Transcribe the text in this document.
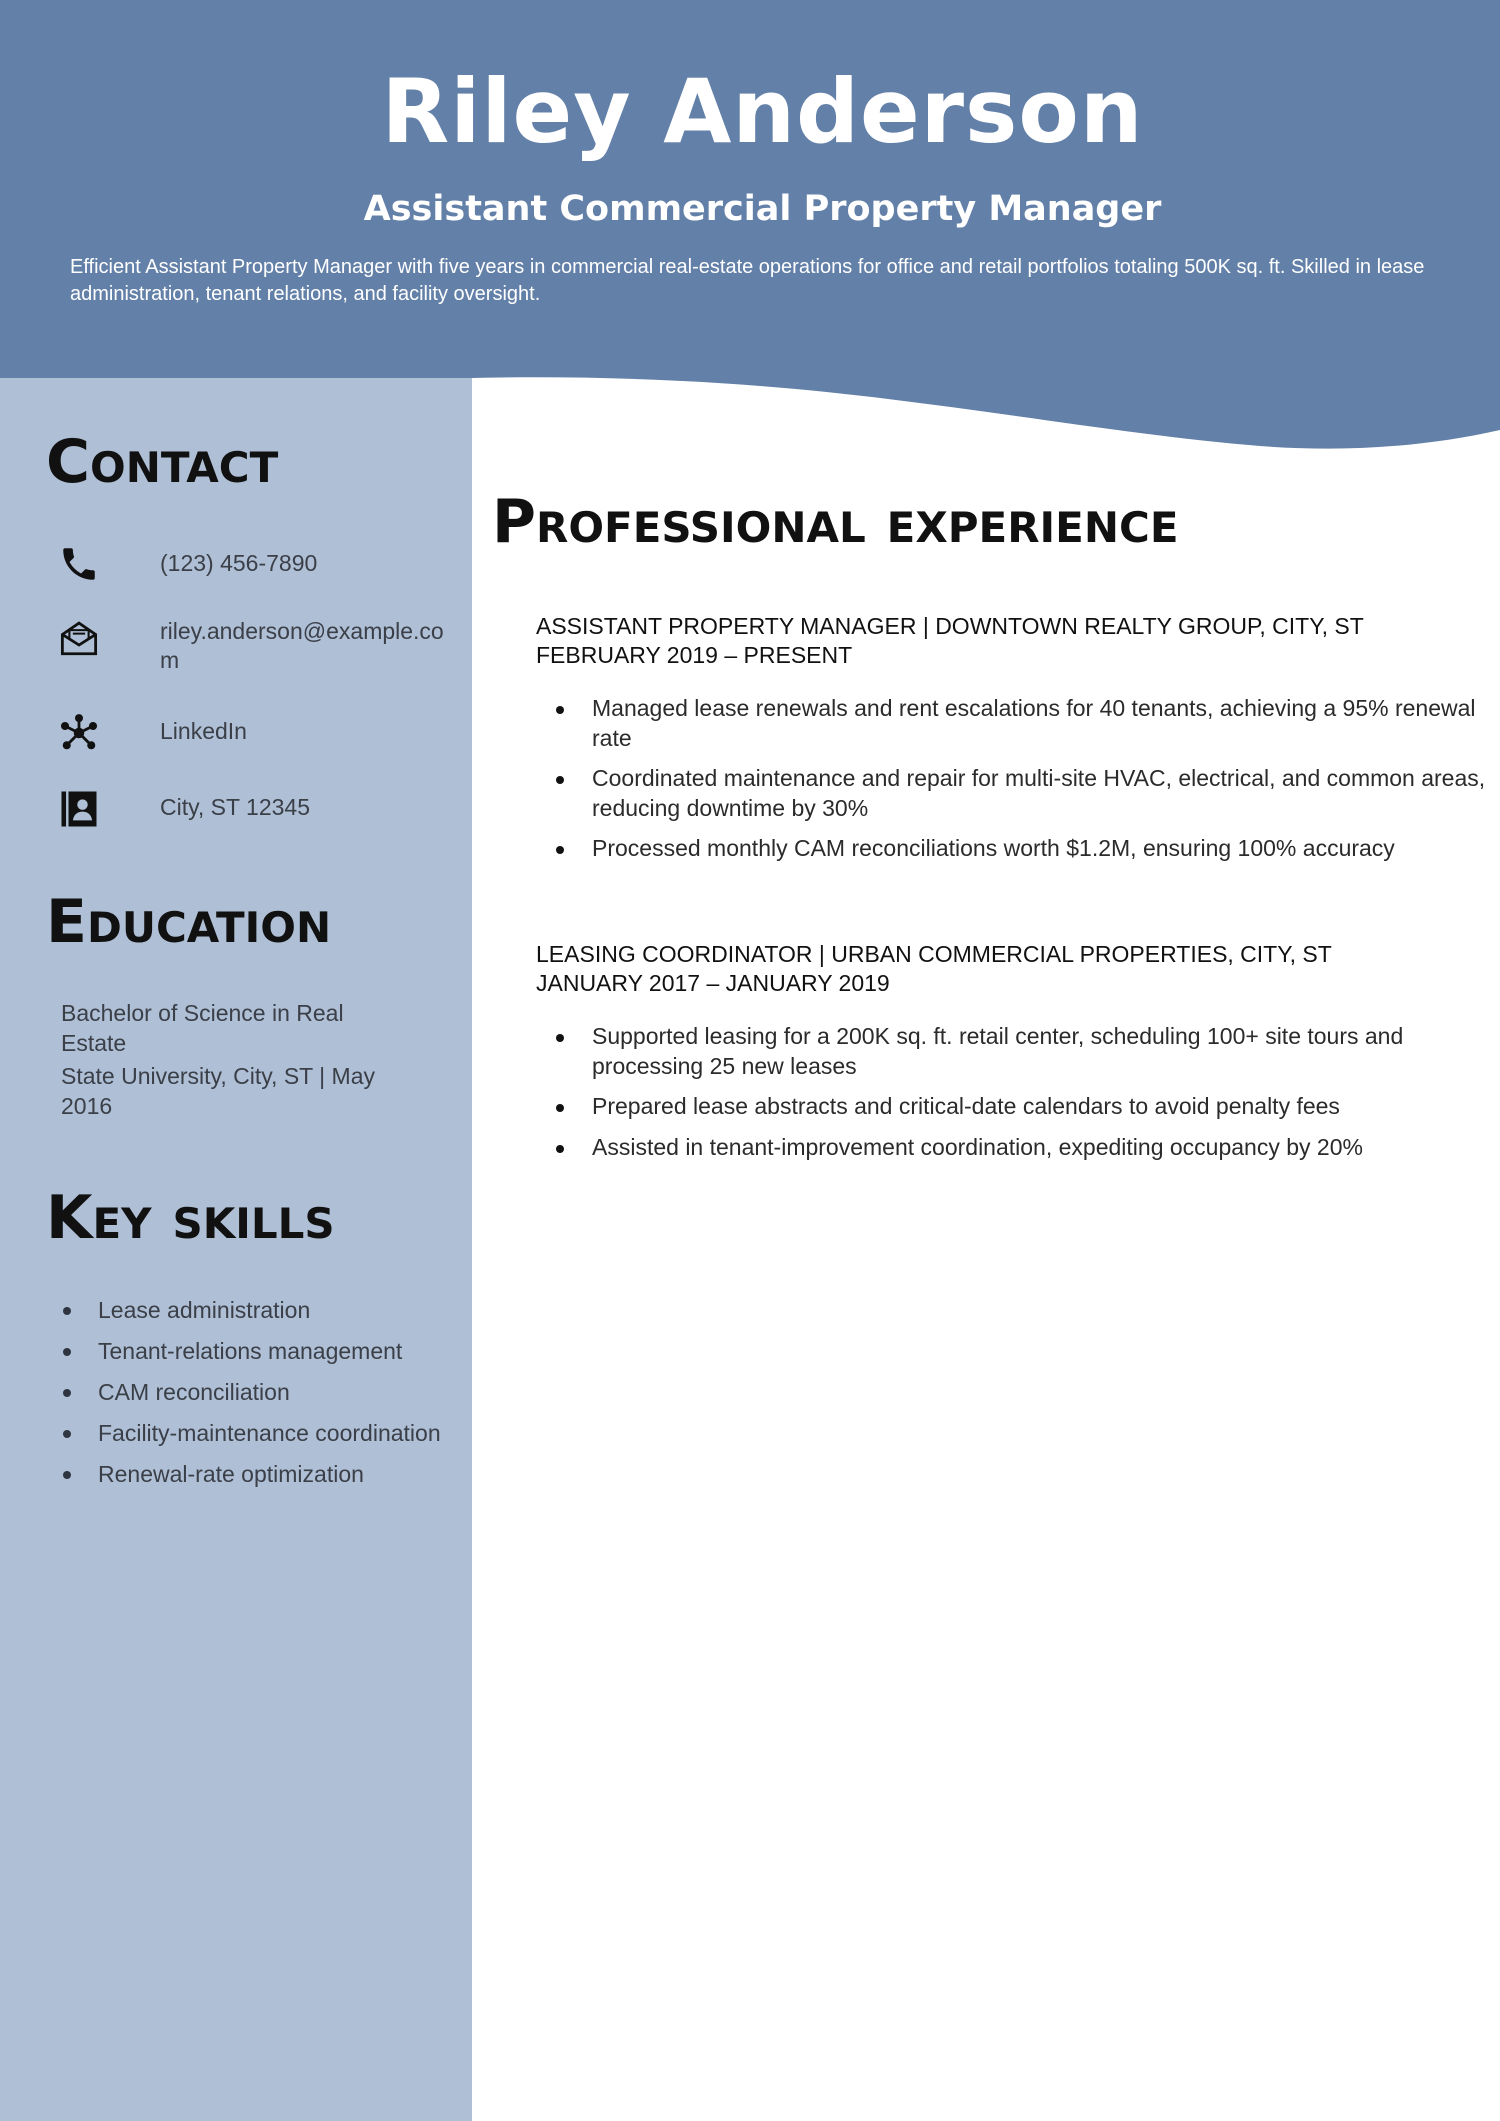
Riley Anderson
Assistant Commercial Property Manager

Efficient Assistant Property Manager with five years in commercial real-estate operations for office and retail portfolios totaling 500K sq. ft. Skilled in lease administration, tenant relations, and facility oversight.

Contact
(123) 456-7890
riley.anderson@example.com
LinkedIn
City, ST 12345
Education

Bachelor of Science in Real Estate

State University, City, ST | May 2016

Key skills
Lease administration
Tenant-relations management
CAM reconciliation
Facility-maintenance coordination
Renewal-rate optimization
Professional experience

ASSISTANT PROPERTY MANAGER | DOWNTOWN REALTY GROUP, CITY, ST

FEBRUARY 2019 – PRESENT

Managed lease renewals and rent escalations for 40 tenants, achieving a 95% renewal rate
Coordinated maintenance and repair for multi-site HVAC, electrical, and common areas, reducing downtime by 30%
Processed monthly CAM reconciliations worth $1.2M, ensuring 100% accuracy

LEASING COORDINATOR | URBAN COMMERCIAL PROPERTIES, CITY, ST

JANUARY 2017 – JANUARY 2019

Supported leasing for a 200K sq. ft. retail center, scheduling 100+ site tours and processing 25 new leases
Prepared lease abstracts and critical-date calendars to avoid penalty fees
Assisted in tenant-improvement coordination, expediting occupancy by 20%
